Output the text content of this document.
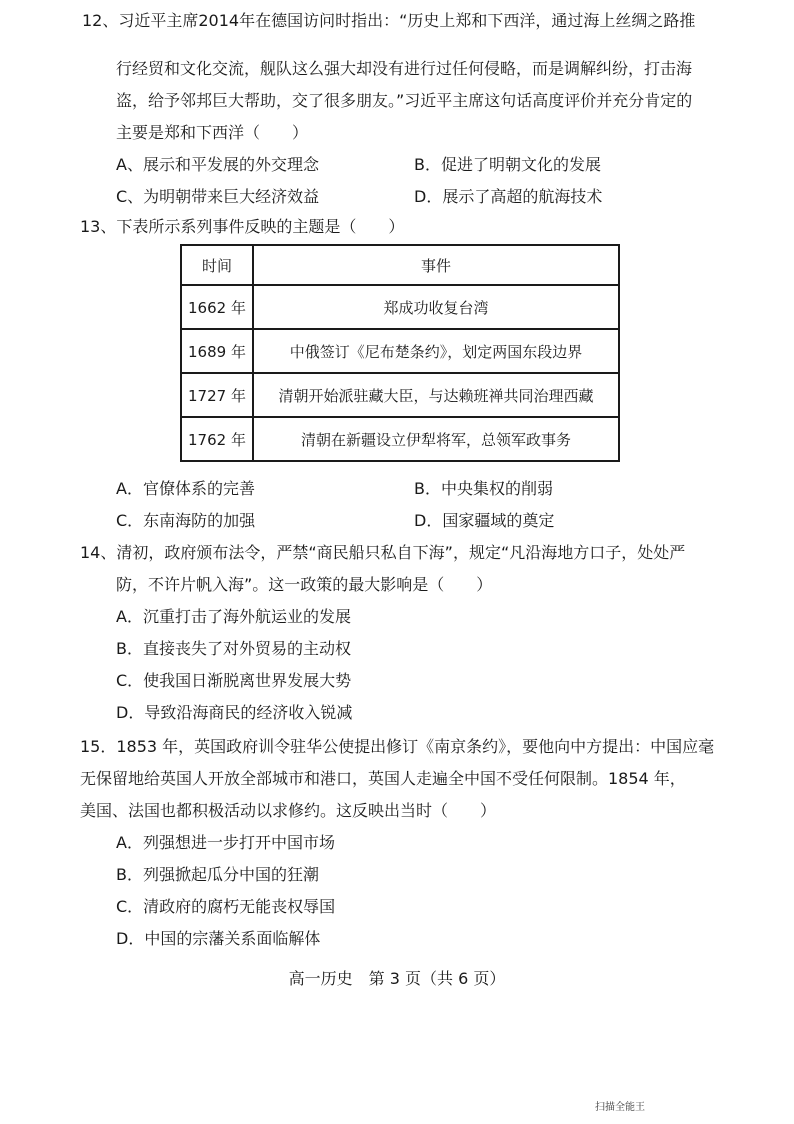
12、习近平主席2014年在德国访问时指出：“历史上郑和下西洋，通过海上丝绸之路推
行经贸和文化交流，舰队这么强大却没有进行过任何侵略，而是调解纠纷，打击海
盗，给予邻邦巨大帮助，交了很多朋友。”习近平主席这句话高度评价并充分肯定的
主要是郑和下西洋（　　）
A、展示和平发展的外交理念	B．促进了明朝文化的发展
C、为明朝带来巨大经济效益	D．展示了高超的航海技术
13、下表所示系列事件反映的主题是（　　）
时间	事件
1662 年	郑成功收复台湾
1689 年	中俄签订《尼布楚条约》，划定两国东段边界
1727 年	清朝开始派驻藏大臣，与达赖班禅共同治理西藏
1762 年	清朝在新疆设立伊犁将军，总领军政事务
A．官僚体系的完善	B．中央集权的削弱
C．东南海防的加强	D．国家疆域的奠定
14、清初，政府颁布法令，严禁“商民船只私自下海”，规定“凡沿海地方口子，处处严
防，不许片帆入海”。这一政策的最大影响是（　　）
A．沉重打击了海外航运业的发展
B．直接丧失了对外贸易的主动权
C．使我国日渐脱离世界发展大势
D．导致沿海商民的经济收入锐减
15．1853 年，英国政府训令驻华公使提出修订《南京条约》，要他向中方提出：中国应毫
无保留地给英国人开放全部城市和港口，英国人走遍全中国不受任何限制。1854 年，
美国、法国也都积极活动以求修约。这反映出当时（　　）
A．列强想进一步打开中国市场
B．列强掀起瓜分中国的狂潮
C．清政府的腐朽无能丧权辱国
D．中国的宗藩关系面临解体
高一历史　第 3 页（共 6 页）
扫描全能王
